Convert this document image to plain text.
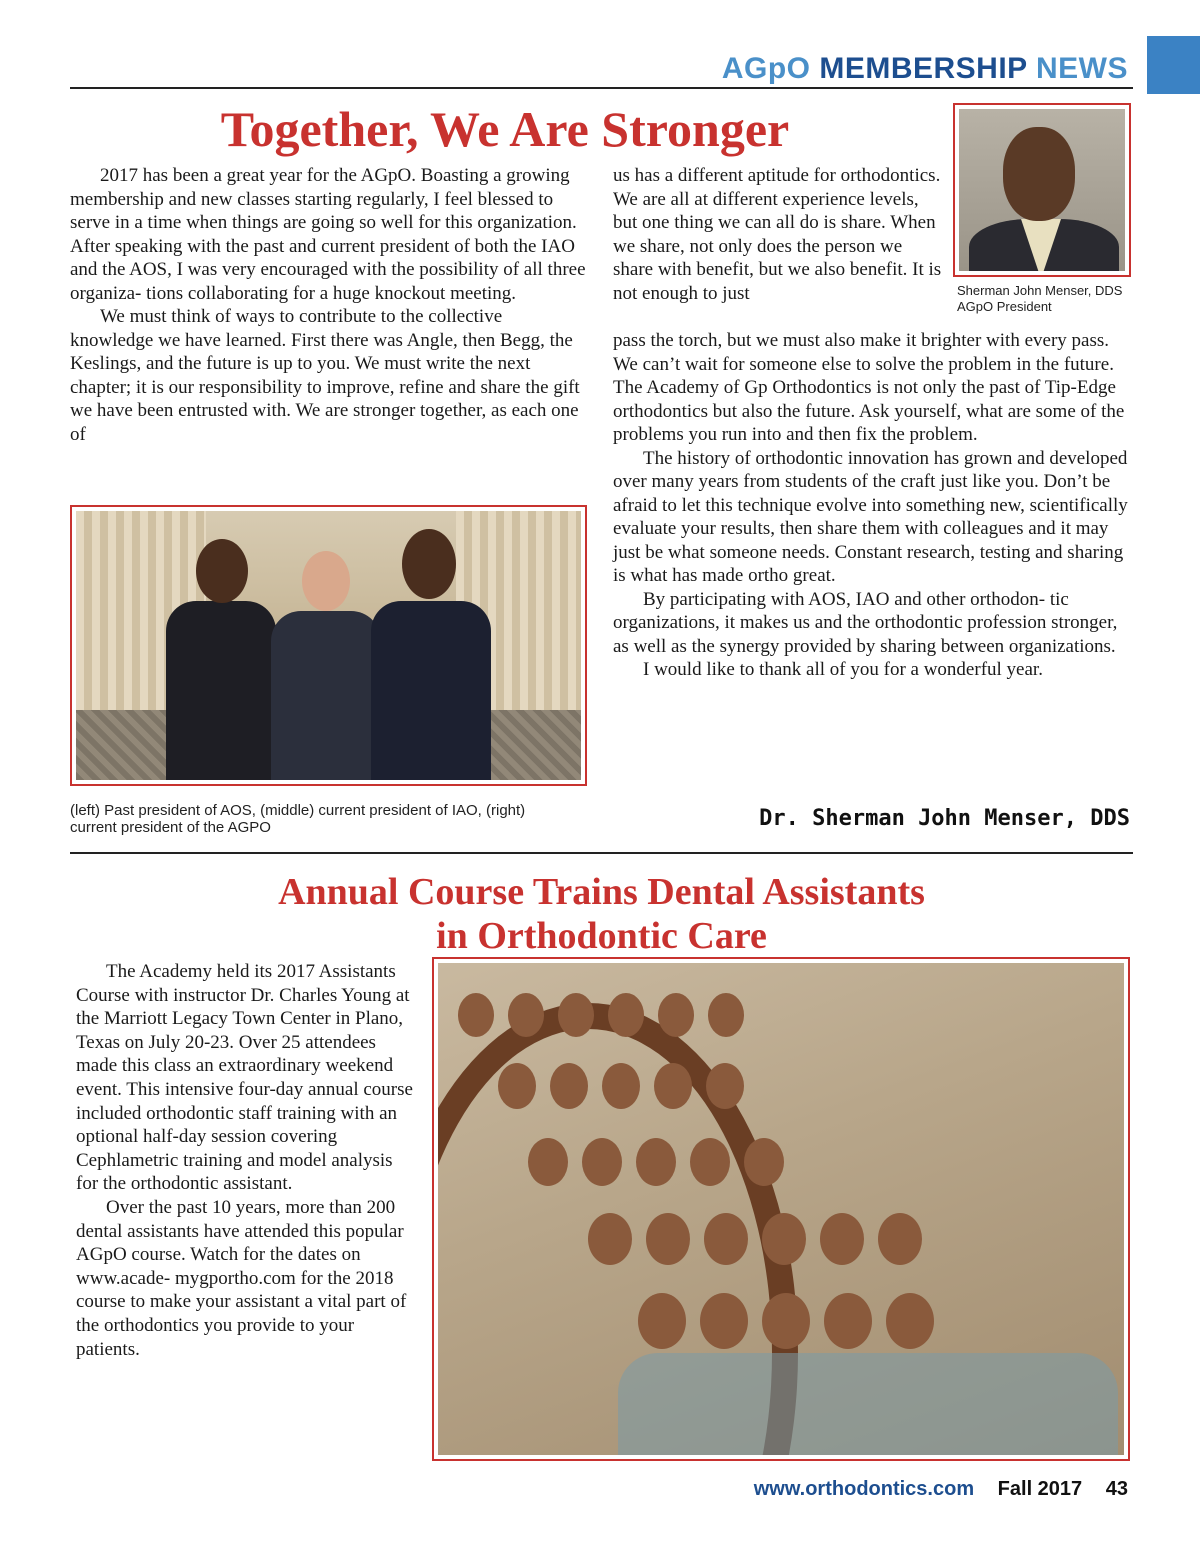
AGpO MEMBERSHIP NEWS
Together, We Are Stronger

2017 has been a great year for the AGpO. Boasting a growing membership and new classes starting regularly, I feel blessed to serve in a time when things are going so well for this organization. After speaking with the past and current president of both the IAO and the AOS, I was very encouraged with the possibility of all three organiza- tions collaborating for a huge knockout meeting.

We must think of ways to contribute to the collective knowledge we have learned. First there was Angle, then Begg, the Keslings, and the future is up to you. We must write the next chapter; it is our responsibility to improve, refine and share the gift we have been entrusted with. We are stronger together, as each one of

us has a different aptitude for orthodontics. We are all at different experience levels, but one thing we can all do is share. When we share, not only does the person we share with benefit, but we also benefit. It is not enough to just

pass the torch, but we must also make it brighter with every pass. We can’t wait for someone else to solve the problem in the future. The Academy of Gp Orthodontics is not only the past of Tip-Edge orthodontics but also the future. Ask yourself, what are some of the problems you run into and then fix the problem.

The history of orthodontic innovation has grown and developed over many years from students of the craft just like you. Don’t be afraid to let this technique evolve into something new, scientifically evaluate your results, then share them with colleagues and it may just be what someone needs. Constant research, testing and sharing is what has made ortho great.

By participating with AOS, IAO and other orthodon- tic organizations, it makes us and the orthodontic profession stronger, as well as the synergy provided by sharing between organizations.

I would like to thank all of you for a wonderful year.

Sherman John Menser, DDS
AGpO President
(left) Past president of AOS, (middle) current president of IAO, (right) current president of the AGPO	Dr. Sherman John Menser, DDS
Annual Course Trains Dental Assistants
in Orthodontic Care

The Academy held its 2017 Assistants Course with instructor Dr. Charles Young at the Marriott Legacy Town Center in Plano, Texas on July 20-23. Over 25 attendees made this class an extraordinary weekend event. This intensive four-day annual course included orthodontic staff training with an optional half-day session covering Cephlametric training and model analysis for the orthodontic assistant.

Over the past 10 years, more than 200 dental assistants have attended this popular AGpO course. Watch for the dates on www.acade- mygportho.com for the 2018 course to make your assistant a vital part of the orthodontics you provide to your patients.

www.orthodontics.com Fall 2017 43
